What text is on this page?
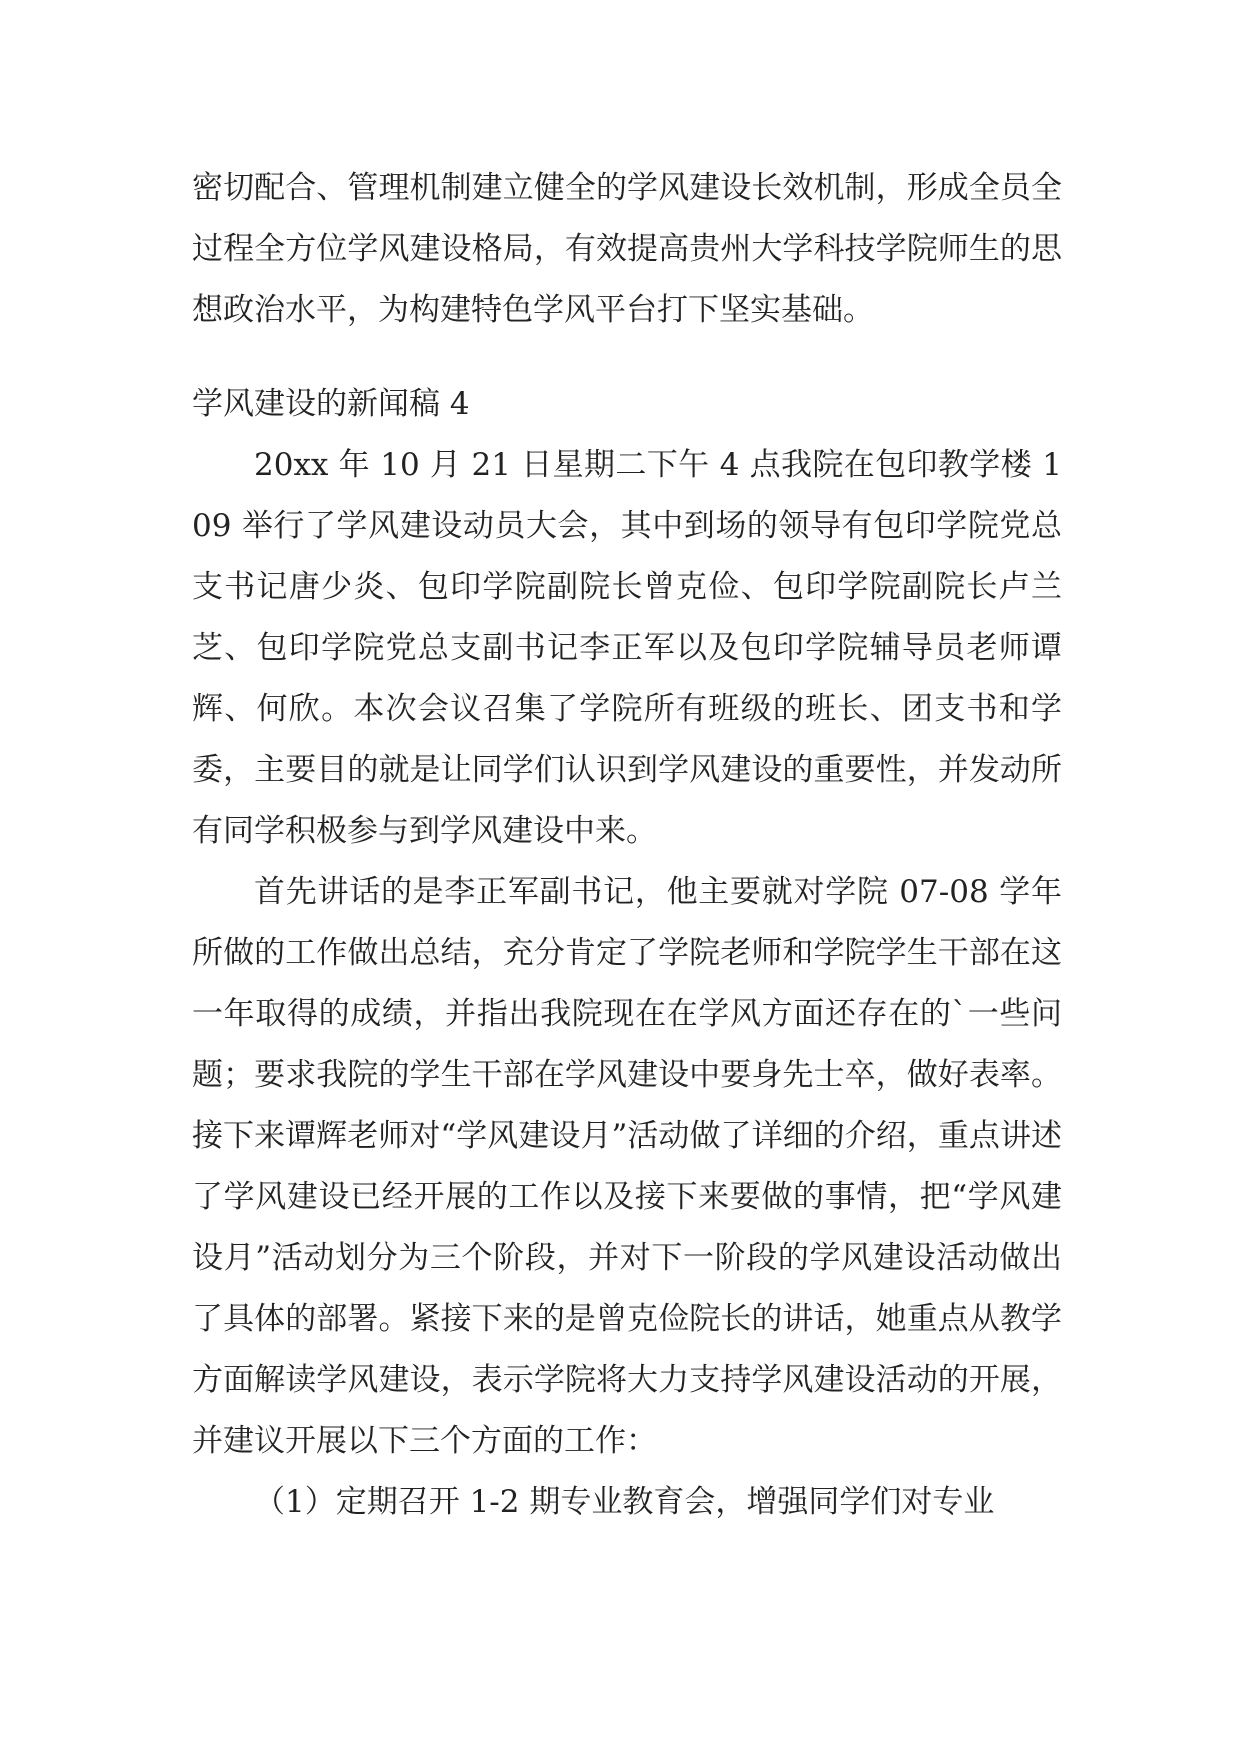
密切配合、管理机制建立健全的学风建设长效机制，形成全员全过程全方位学风建设格局，有效提高贵州大学科技学院师生的思想政治水平，为构建特色学风平台打下坚实基础。

学风建设的新闻稿 4

20xx 年 10 月 21 日星期二下午 4 点我院在包印教学楼 109 举行了学风建设动员大会，其中到场的领导有包印学院党总支书记唐少炎、包印学院副院长曾克俭、包印学院副院长卢兰芝、包印学院党总支副书记李正军以及包印学院辅导员老师谭辉、何欣。本次会议召集了学院所有班级的班长、团支书和学委，主要目的就是让同学们认识到学风建设的重要性，并发动所有同学积极参与到学风建设中来。

首先讲话的是李正军副书记，他主要就对学院 07-08 学年所做的工作做出总结，充分肯定了学院老师和学院学生干部在这一年取得的成绩，并指出我院现在在学风方面还存在的`一些问题；要求我院的学生干部在学风建设中要身先士卒，做好表率。接下来谭辉老师对“学风建设月”活动做了详细的介绍，重点讲述了学风建设已经开展的工作以及接下来要做的事情，把“学风建设月”活动划分为三个阶段，并对下一阶段的学风建设活动做出了具体的部署。紧接下来的是曾克俭院长的讲话，她重点从教学方面解读学风建设，表示学院将大力支持学风建设活动的开展，并建议开展以下三个方面的工作：

（1）定期召开 1-2 期专业教育会，增强同学们对专业
